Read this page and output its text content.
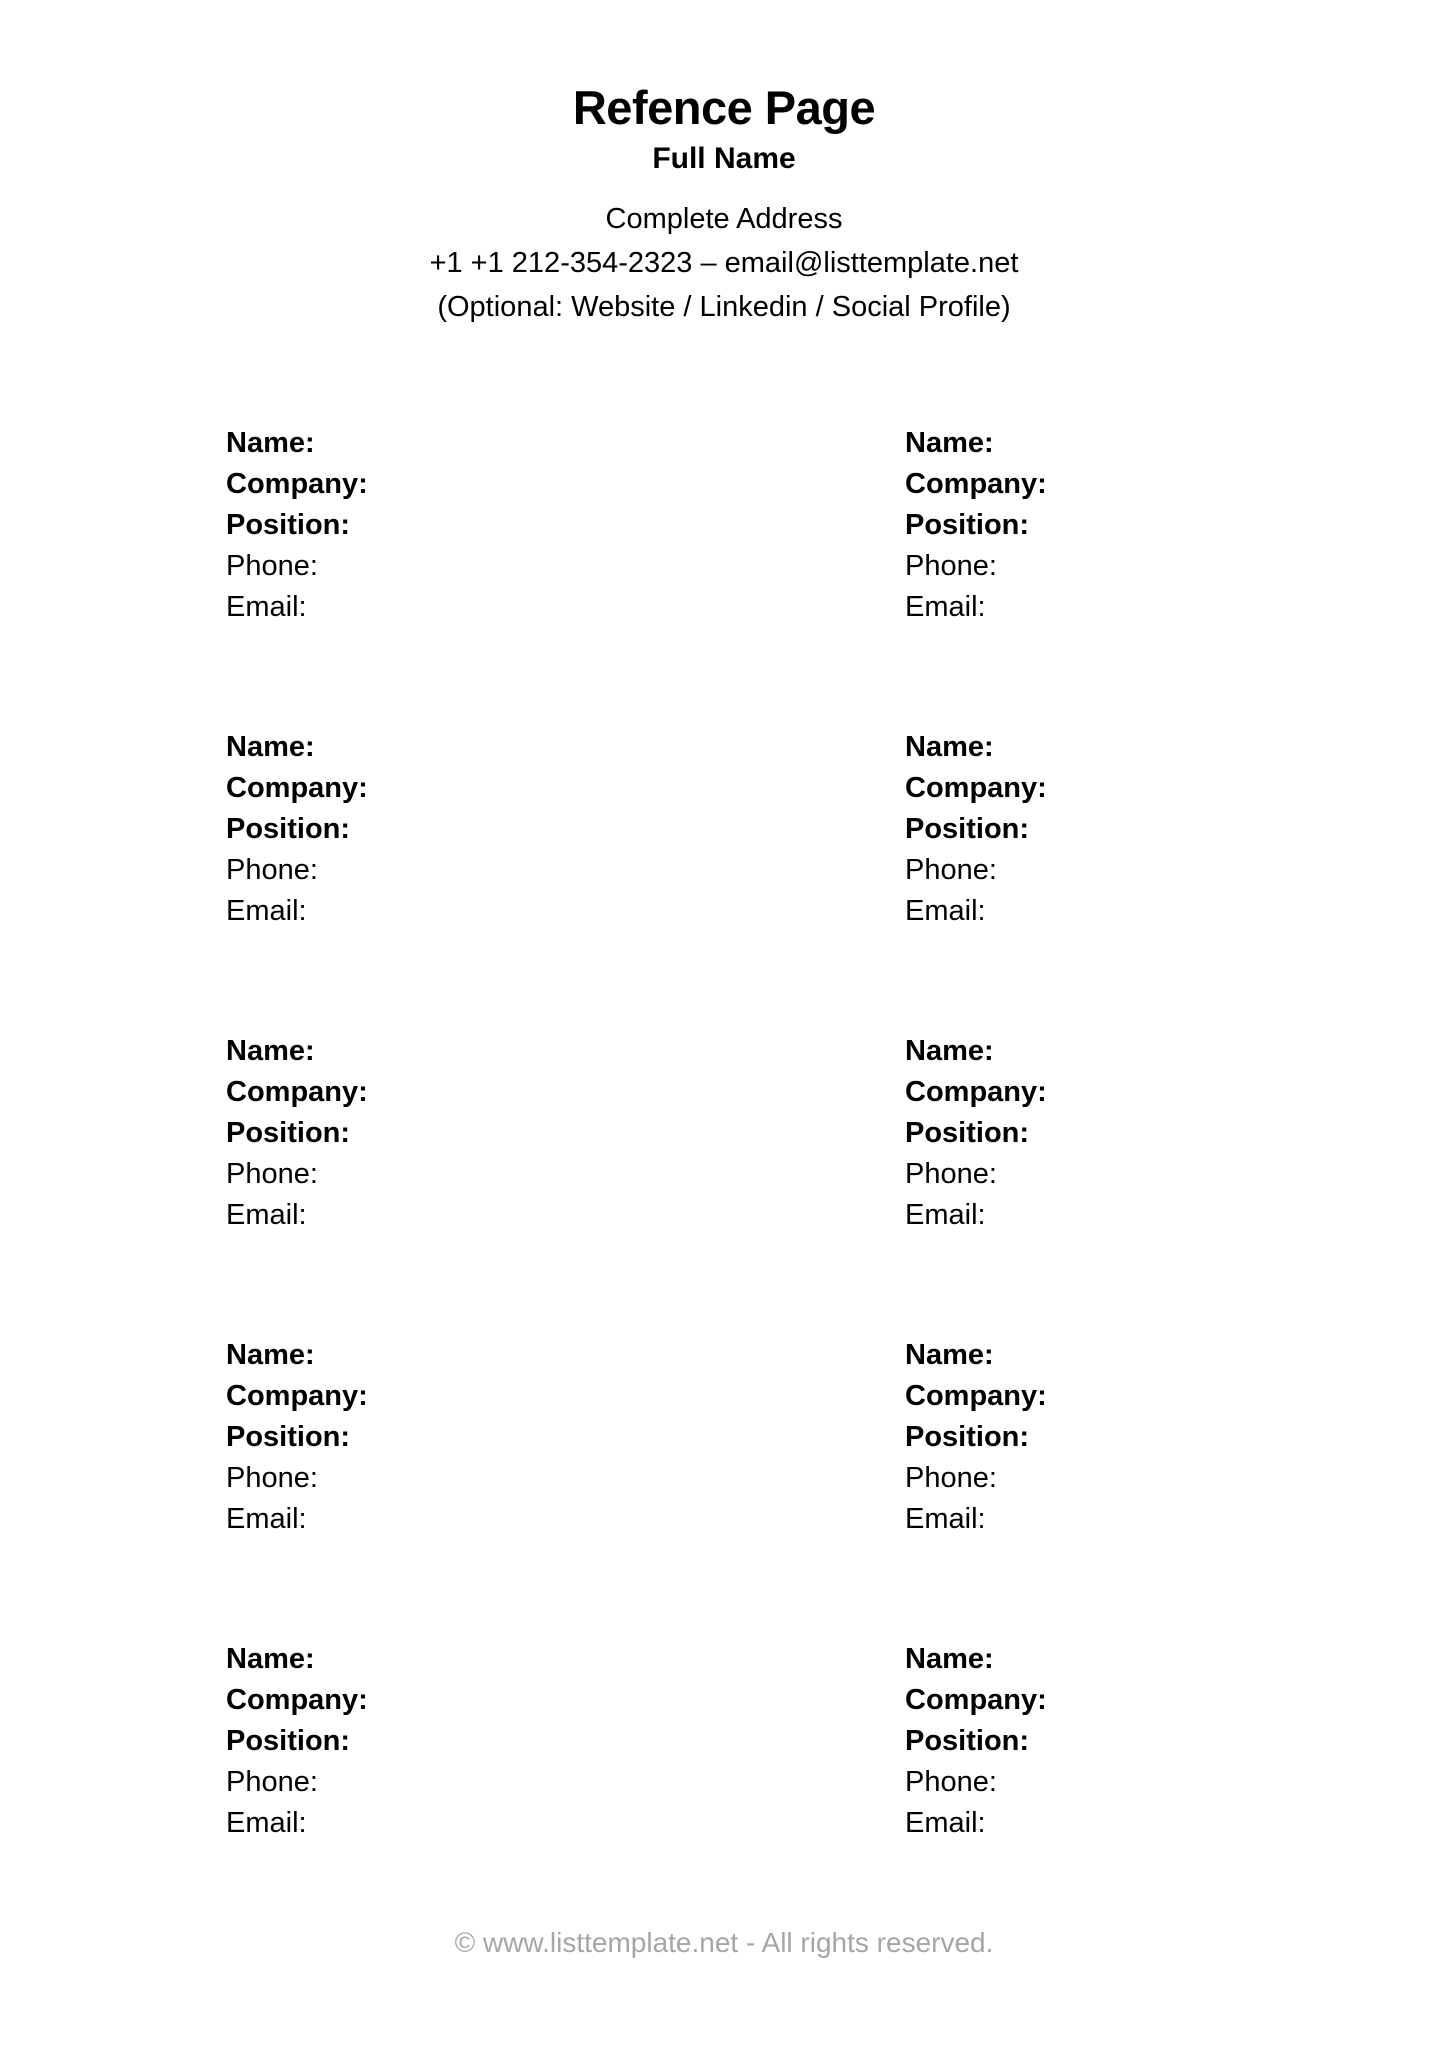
Refence Page
Full Name
Complete Address
+1 +1 212-354-2323 – email@listtemplate.net
(Optional: Website / Linkedin / Social Profile)
Name:
Company:
Position:
Phone:
Email:
Name:
Company:
Position:
Phone:
Email:
Name:
Company:
Position:
Phone:
Email:
Name:
Company:
Position:
Phone:
Email:
Name:
Company:
Position:
Phone:
Email:
Name:
Company:
Position:
Phone:
Email:
Name:
Company:
Position:
Phone:
Email:
Name:
Company:
Position:
Phone:
Email:
Name:
Company:
Position:
Phone:
Email:
Name:
Company:
Position:
Phone:
Email:
© www.listtemplate.net - All rights reserved.
